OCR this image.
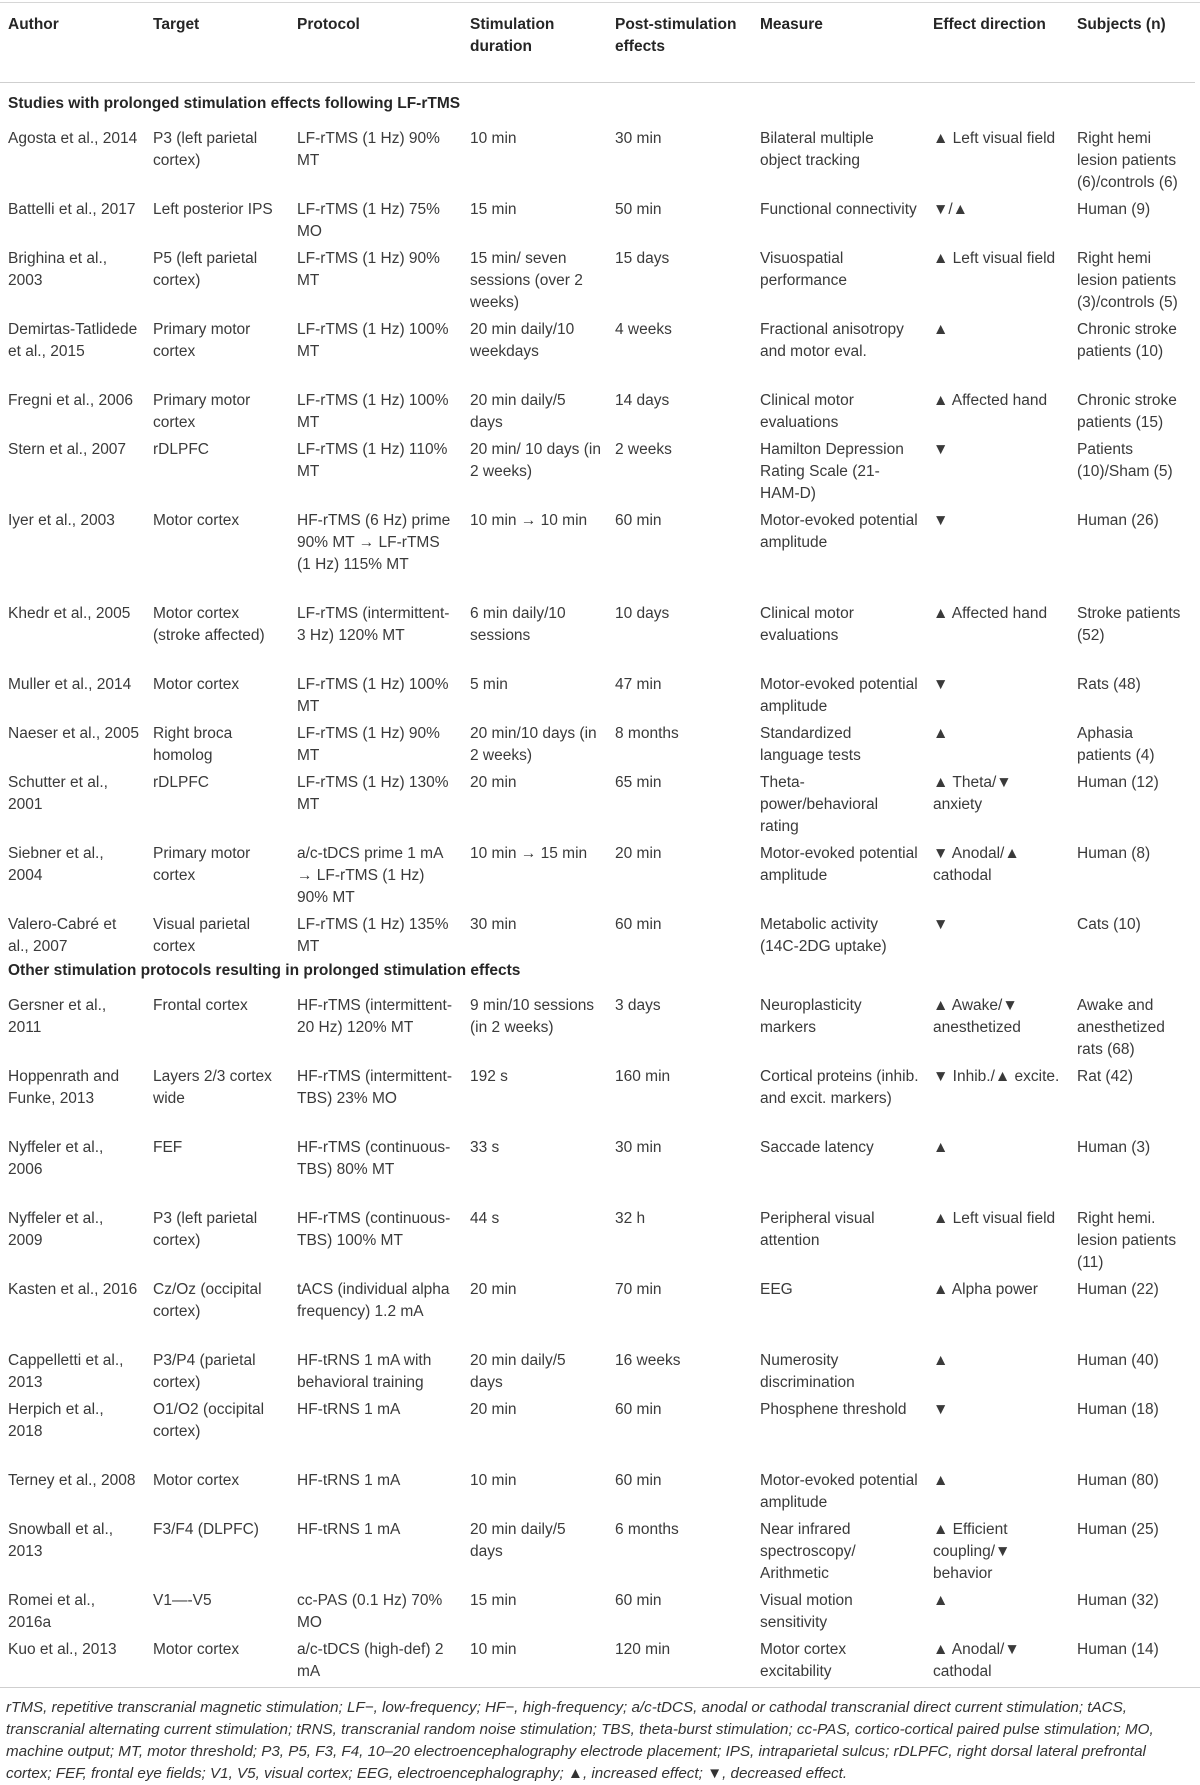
Author	Target	Protocol	Stimulation duration	Post-stimulation effects	Measure	Effect direction	Subjects (n)
Studies with prolonged stimulation effects following LF-rTMS							
Agosta et al., 2014	P3 (left parietal cortex)	LF-rTMS (1 Hz) 90% MT	10 min	30 min	Bilateral multiple object tracking	▲ Left visual field	Right hemi lesion patients (6)/controls (6)
Battelli et al., 2017	Left posterior IPS	LF-rTMS (1 Hz) 75% MO	15 min	50 min	Functional connectivity	▼/▲	Human (9)
Brighina et al., 2003	P5 (left parietal cortex)	LF-rTMS (1 Hz) 90% MT	15 min/ seven sessions (over 2 weeks)	15 days	Visuospatial performance	▲ Left visual field	Right hemi lesion patients (3)/controls (5)
Demirtas-Tatlidede et al., 2015	Primary motor cortex	LF-rTMS (1 Hz) 100% MT	20 min daily/10 weekdays	4 weeks	Fractional anisotropy and motor eval.	▲	Chronic stroke patients (10)
Fregni et al., 2006	Primary motor cortex	LF-rTMS (1 Hz) 100% MT	20 min daily/5 days	14 days	Clinical motor evaluations	▲ Affected hand	Chronic stroke patients (15)
Stern et al., 2007	rDLPFC	LF-rTMS (1 Hz) 110% MT	20 min/ 10 days (in 2 weeks)	2 weeks	Hamilton Depression Rating Scale (21-HAM-D)	▼	Patients (10)/Sham (5)
Iyer et al., 2003	Motor cortex	HF-rTMS (6 Hz) prime 90% MT → LF-rTMS (1 Hz) 115% MT	10 min → 10 min	60 min	Motor-evoked potential amplitude	▼	Human (26)
Khedr et al., 2005	Motor cortex (stroke affected)	LF-rTMS (intermittent-3 Hz) 120% MT	6 min daily/10 sessions	10 days	Clinical motor evaluations	▲ Affected hand	Stroke patients (52)
Muller et al., 2014	Motor cortex	LF-rTMS (1 Hz) 100% MT	5 min	47 min	Motor-evoked potential amplitude	▼	Rats (48)
Naeser et al., 2005	Right broca homolog	LF-rTMS (1 Hz) 90% MT	20 min/10 days (in 2 weeks)	8 months	Standardized language tests	▲	Aphasia patients (4)
Schutter et al., 2001	rDLPFC	LF-rTMS (1 Hz) 130% MT	20 min	65 min	Theta-power/behavioral rating	▲ Theta/▼ anxiety	Human (12)
Siebner et al., 2004	Primary motor cortex	a/c-tDCS prime 1 mA → LF-rTMS (1 Hz) 90% MT	10 min → 15 min	20 min	Motor-evoked potential amplitude	▼ Anodal/▲ cathodal	Human (8)
Valero-Cabré et al., 2007	Visual parietal cortex	LF-rTMS (1 Hz) 135% MT	30 min	60 min	Metabolic activity (14C-2DG uptake)	▼	Cats (10)
Other stimulation protocols resulting in prolonged stimulation effects							
Gersner et al., 2011	Frontal cortex	HF-rTMS (intermittent-20 Hz) 120% MT	9 min/10 sessions (in 2 weeks)	3 days	Neuroplasticity markers	▲ Awake/▼ anesthetized	Awake and anesthetized rats (68)
Hoppenrath and Funke, 2013	Layers 2/3 cortex wide	HF-rTMS (intermittent-TBS) 23% MO	192 s	160 min	Cortical proteins (inhib. and excit. markers)	▼ Inhib./▲ excite.	Rat (42)
Nyffeler et al., 2006	FEF	HF-rTMS (continuous-TBS) 80% MT	33 s	30 min	Saccade latency	▲	Human (3)
Nyffeler et al., 2009	P3 (left parietal cortex)	HF-rTMS (continuous-TBS) 100% MT	44 s	32 h	Peripheral visual attention	▲ Left visual field	Right hemi. lesion patients (11)
Kasten et al., 2016	Cz/Oz (occipital cortex)	tACS (individual alpha frequency) 1.2 mA	20 min	70 min	EEG	▲ Alpha power	Human (22)
Cappelletti et al., 2013	P3/P4 (parietal cortex)	HF-tRNS 1 mA with behavioral training	20 min daily/5 days	16 weeks	Numerosity discrimination	▲	Human (40)
Herpich et al., 2018	O1/O2 (occipital cortex)	HF-tRNS 1 mA	20 min	60 min	Phosphene threshold	▼	Human (18)
Terney et al., 2008	Motor cortex	HF-tRNS 1 mA	10 min	60 min	Motor-evoked potential amplitude	▲	Human (80)
Snowball et al., 2013	F3/F4 (DLPFC)	HF-tRNS 1 mA	20 min daily/5 days	6 months	Near infrared spectroscopy/ Arithmetic	▲ Efficient coupling/▼ behavior	Human (25)
Romei et al., 2016a	V1—-V5	cc-PAS (0.1 Hz) 70% MO	15 min	60 min	Visual motion sensitivity	▲	Human (32)
Kuo et al., 2013	Motor cortex	a/c-tDCS (high-def) 2 mA	10 min	120 min	Motor cortex excitability	▲ Anodal/▼ cathodal	Human (14)
rTMS, repetitive transcranial magnetic stimulation; LF−, low-frequency; HF−, high-frequency; a/c-tDCS, anodal or cathodal transcranial direct current stimulation; tACS, transcranial alternating current stimulation; tRNS, transcranial random noise stimulation; TBS, theta-burst stimulation; cc-PAS, cortico-cortical paired pulse stimulation; MO, machine output; MT, motor threshold; P3, P5, F3, F4, 10–20 electroencephalography electrode placement; IPS, intraparietal sulcus; rDLPFC, right dorsal lateral prefrontal cortex; FEF, frontal eye fields; V1, V5, visual cortex; EEG, electroencephalography; ▲, increased effect; ▼, decreased effect.
